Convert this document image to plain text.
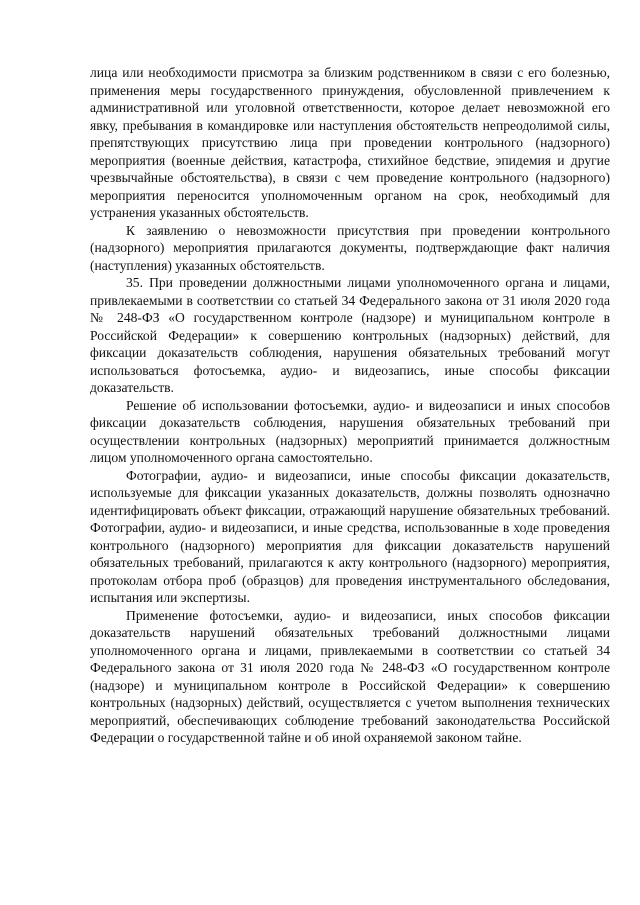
лица или необходимости присмотра за близким родственником в связи с его болезнью, применения меры государственного принуждения, обусловленной привлечением к административной или уголовной ответственности, которое делает невозможной его явку, пребывания в командировке или наступления обстоятельств непреодолимой силы, препятствующих присутствию лица при проведении контрольного (надзорного) мероприятия (военные действия, катастрофа, стихийное бедствие, эпидемия и другие чрезвычайные обстоятельства), в связи с чем проведение контрольного (надзорного) мероприятия переносится уполномоченным органом на срок, необходимый для устранения указанных обстоятельств.

К заявлению о невозможности присутствия при проведении контрольного (надзорного) мероприятия прилагаются документы, подтверждающие факт наличия (наступления) указанных обстоятельств.

35. При проведении должностными лицами уполномоченного органа и лицами, привлекаемыми в соответствии со статьей 34 Федерального закона от 31 июля 2020 года № 248-ФЗ «О государственном контроле (надзоре) и муниципальном контроле в Российской Федерации» к совершению контрольных (надзорных) действий, для фиксации доказательств соблюдения, нарушения обязательных требований могут использоваться фотосъемка, аудио- и видеозапись, иные способы фиксации доказательств.

Решение об использовании фотосъемки, аудио- и видеозаписи и иных способов фиксации доказательств соблюдения, нарушения обязательных требований при осуществлении контрольных (надзорных) мероприятий принимается должностным лицом уполномоченного органа самостоятельно.

Фотографии, аудио- и видеозаписи, иные способы фиксации доказательств, используемые для фиксации указанных доказательств, должны позволять однозначно идентифицировать объект фиксации, отражающий нарушение обязательных требований. Фотографии, аудио- и видеозаписи, и иные средства, использованные в ходе проведения контрольного (надзорного) мероприятия для фиксации доказательств нарушений обязательных требований, прилагаются к акту контрольного (надзорного) мероприятия, протоколам отбора проб (образцов) для проведения инструментального обследования, испытания или экспертизы.

Применение фотосъемки, аудио- и видеозаписи, иных способов фиксации доказательств нарушений обязательных требований должностными лицами уполномоченного органа и лицами, привлекаемыми в соответствии со статьей 34 Федерального закона от 31 июля 2020 года № 248-ФЗ «О государственном контроле (надзоре) и муниципальном контроле в Российской Федерации» к совершению контрольных (надзорных) действий, осуществляется с учетом выполнения технических мероприятий, обеспечивающих соблюдение требований законодательства Российской Федерации о государственной тайне и об иной охраняемой законом тайне.
